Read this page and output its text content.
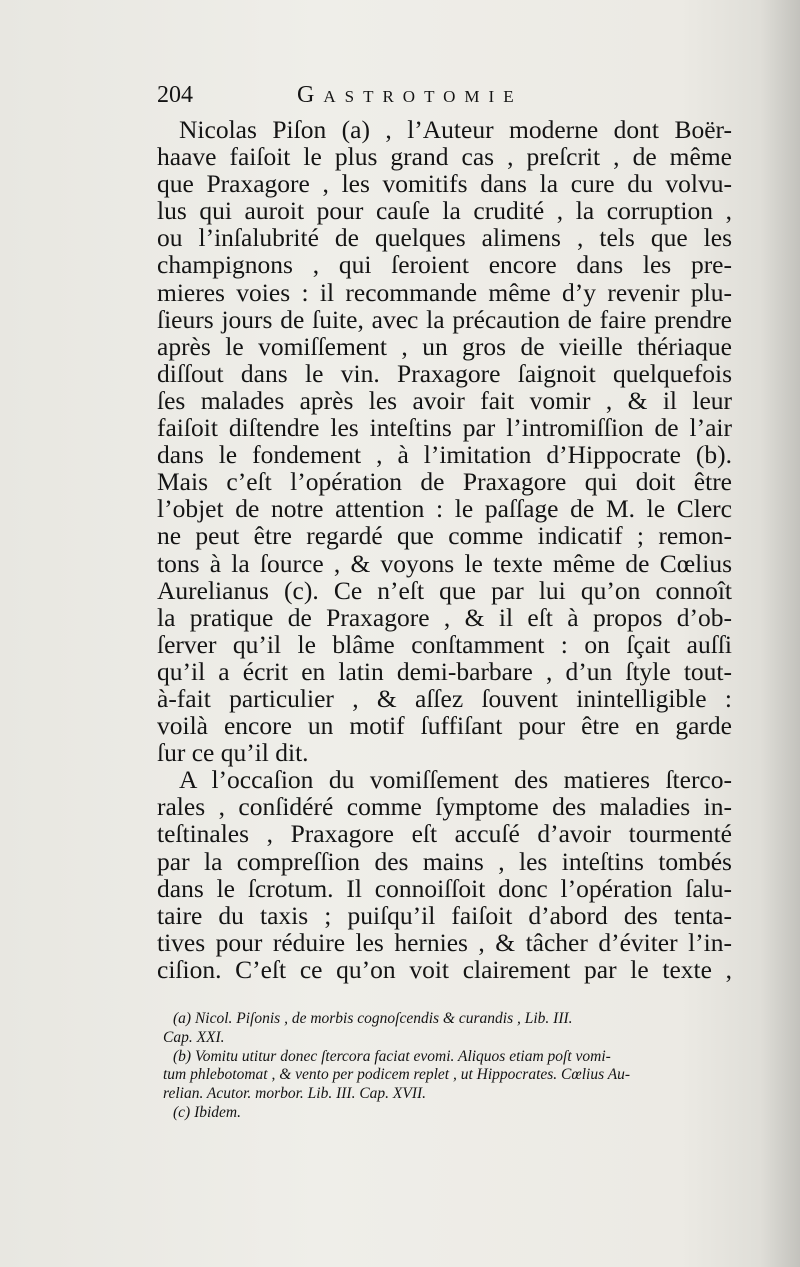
204	Gastrotomie
Nicolas Piſon (a) , l’Auteur moderne dont Boër-
haave faiſoit le plus grand cas , preſcrit , de même
que Praxagore , les vomitifs dans la cure du volvu-
lus qui auroit pour cauſe la crudité , la corruption ,
ou l’inſalubrité de quelques alimens , tels que les
champignons , qui ſeroient encore dans les pre-
mieres voies : il recommande même d’y revenir plu-
ſieurs jours de ſuite, avec la précaution de faire prendre
après le vomiſſement , un gros de vieille thériaque
diſſout dans le vin. Praxagore ſaignoit quelquefois
ſes malades après les avoir fait vomir , & il leur
faiſoit diſtendre les inteſtins par l’intromiſſion de l’air
dans le fondement , à l’imitation d’Hippocrate (b).
Mais c’eſt l’opération de Praxagore qui doit être
l’objet de notre attention : le paſſage de M. le Clerc
ne peut être regardé que comme indicatif ; remon-
tons à la ſource , & voyons le texte même de Cœlius
Aurelianus (c). Ce n’eſt que par lui qu’on connoît
la pratique de Praxagore , & il eſt à propos d’ob-
ſerver qu’il le blâme conſtamment : on ſçait auſſi
qu’il a écrit en latin demi-barbare , d’un ſtyle tout-
à-fait particulier , & aſſez ſouvent inintelligible :
voilà encore un motif ſuffiſant pour être en garde
ſur ce qu’il dit.
A l’occaſion du vomiſſement des matieres ſterco-
rales , conſidéré comme ſymptome des maladies in-
teſtinales , Praxagore eſt accuſé d’avoir tourmenté
par la compreſſion des mains , les inteſtins tombés
dans le ſcrotum. Il connoiſſoit donc l’opération ſalu-
taire du taxis ; puiſqu’il faiſoit d’abord des tenta-
tives pour réduire les hernies , & tâcher d’éviter l’in-
ciſion. C’eſt ce qu’on voit clairement par le texte ,
(a) Nicol. Piſonis , de morbis cognoſcendis & curandis , Lib. III.
Cap. XXI.
(b) Vomitu utitur donec ſtercora faciat evomi. Aliquos etiam poſt vomi-
tum phlebotomat , & vento per podicem replet , ut Hippocrates. Cœlius Au-
relian. Acutor. morbor. Lib. III. Cap. XVII.
(c) Ibidem.
